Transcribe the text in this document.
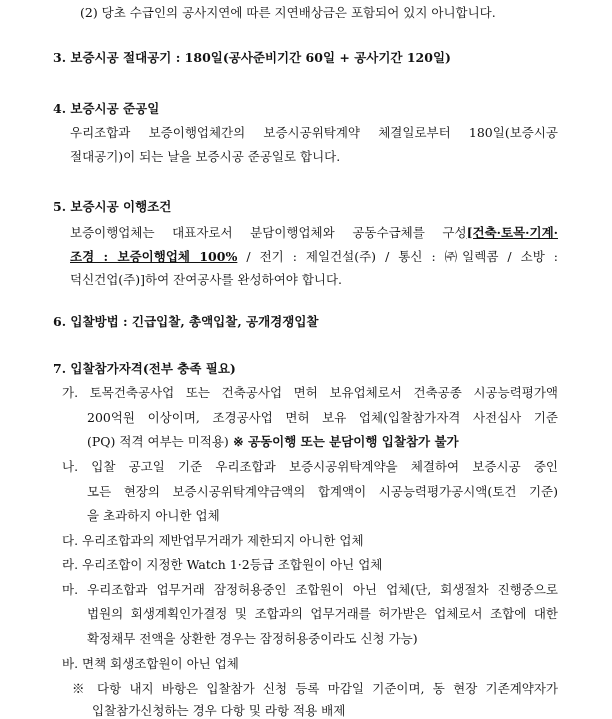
(2) 당초 수급인의 공사지연에 따른 지연배상금은 포함되어 있지 아니합니다.
3. 보증시공 절대공기 : 180일(공사준비기간 60일 + 공사기간 120일)
4. 보증시공 준공일
우리조합과 보증이행업체간의 보증시공위탁계약 체결일로부터 180일(보증시공
절대공기)이 되는 날을 보증시공 준공일로 합니다.
5. 보증시공 이행조건
보증이행업체는 대표자로서 분담이행업체와 공동수급체를 구성[건축·토목·기계·
조경 : 보증이행업체 100% / 전기 : 제일건설(주) / 통신 : ㈜일렉콤 / 소방 :
덕신건업(주)]하여 잔여공사를 완성하여야 합니다.
6. 입찰방법 : 긴급입찰, 총액입찰, 공개경쟁입찰
7. 입찰참가자격(전부 충족 필요)
가. 토목건축공사업 또는 건축공사업 면허 보유업체로서 건축공종 시공능력평가액
200억원 이상이며, 조경공사업 면허 보유 업체(입찰참가자격 사전심사 기준
(PQ) 적격 여부는 미적용) ※ 공동이행 또는 분담이행 입찰참가 불가
나. 입찰 공고일 기준 우리조합과 보증시공위탁계약을 체결하여 보증시공 중인
모든 현장의 보증시공위탁계약금액의 합계액이 시공능력평가공시액(토건 기준)
을 초과하지 아니한 업체
다. 우리조합과의 제반업무거래가 제한되지 아니한 업체
라. 우리조합이 지정한 Watch 1·2등급 조합원이 아닌 업체
마. 우리조합과 업무거래 잠정허용중인 조합원이 아닌 업체(단, 회생절차 진행중으로
법원의 회생계획인가결정 및 조합과의 업무거래를 허가받은 업체로서 조합에 대한
확정채무 전액을 상환한 경우는 잠정허용중이라도 신청 가능)
바. 면책 회생조합원이 아닌 업체
※ 다항 내지 바항은 입찰참가 신청 등록 마감일 기준이며, 동 현장 기존계약자가
입찰참가신청하는 경우 다항 및 라항 적용 배제
